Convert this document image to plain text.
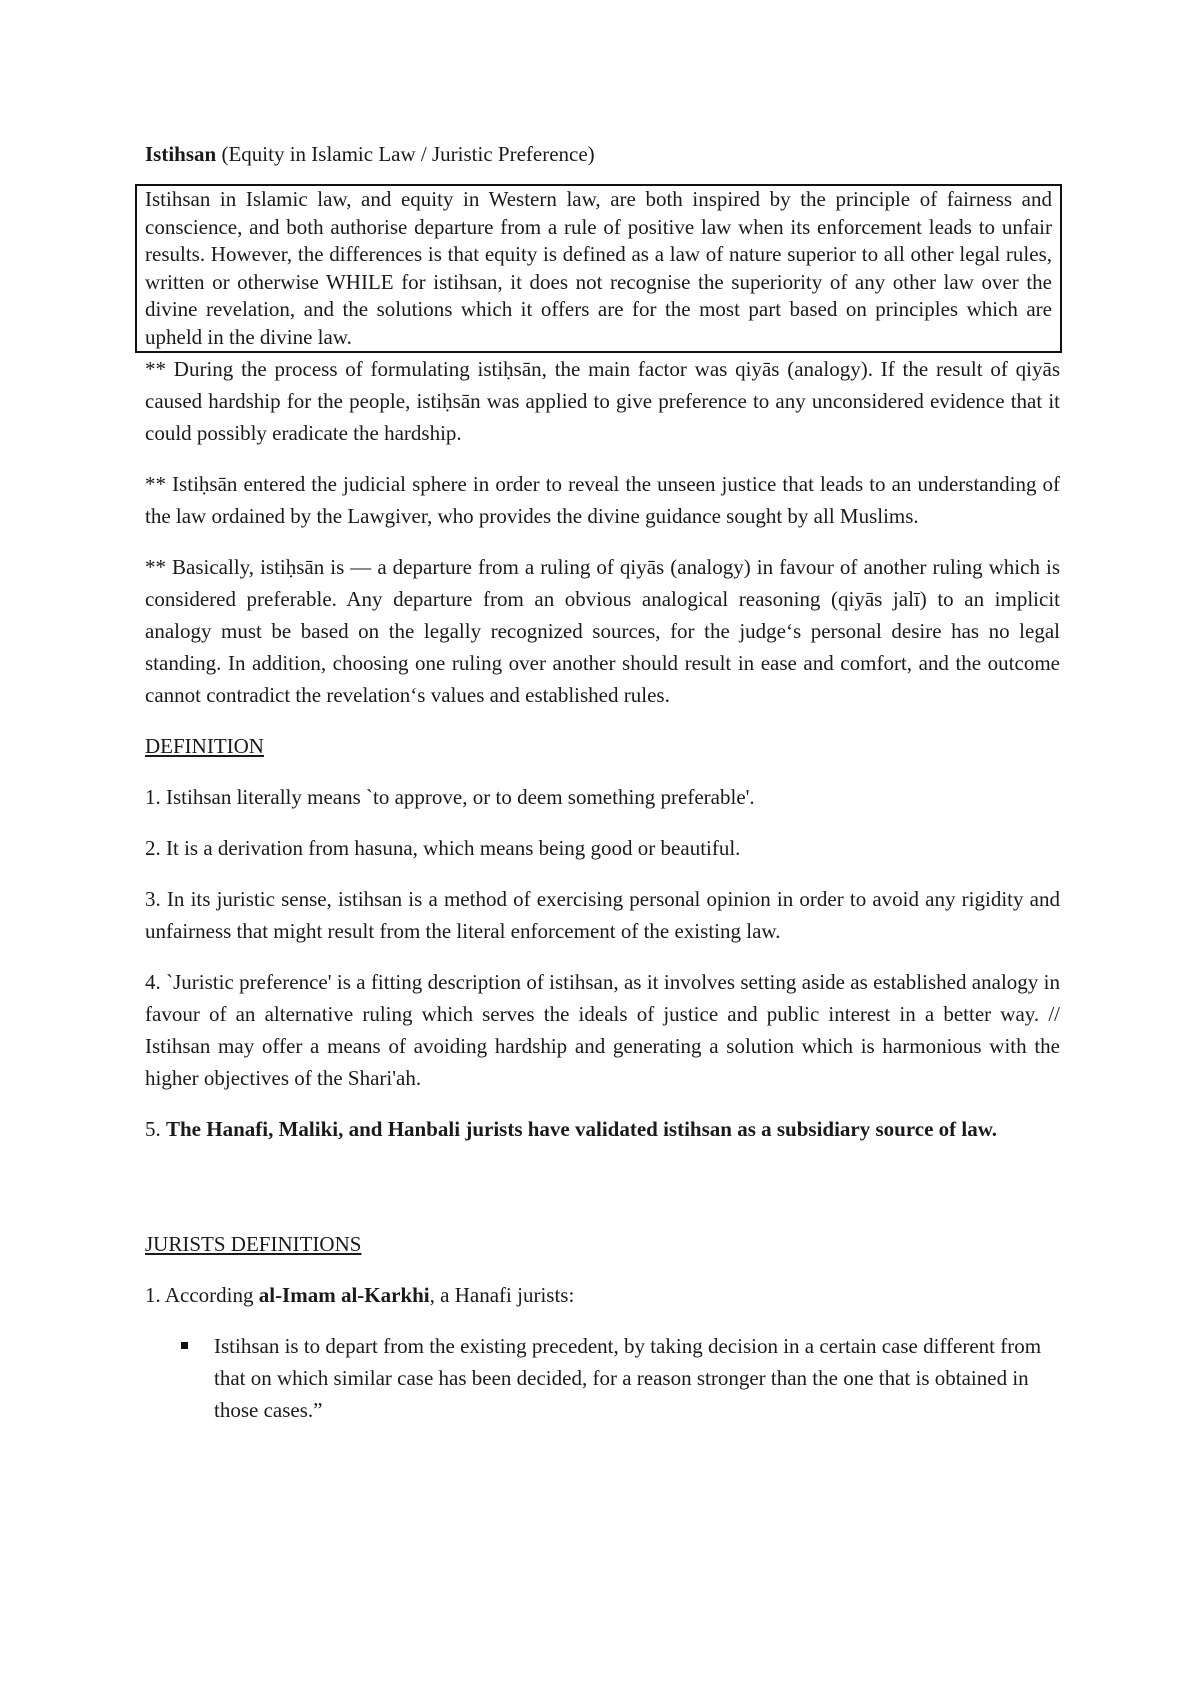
Istihsan (Equity in Islamic Law / Juristic Preference)
Istihsan in Islamic law, and equity in Western law, are both inspired by the principle of fairness and conscience, and both authorise departure from a rule of positive law when its enforcement leads to unfair results. However, the differences is that equity is defined as a law of nature superior to all other legal rules, written or otherwise WHILE for istihsan, it does not recognise the superiority of any other law over the divine revelation, and the solutions which it offers are for the most part based on principles which are upheld in the divine law.

** During the process of formulating istiḥsān, the main factor was qiyās (analogy). If the result of qiyās caused hardship for the people, istiḥsān was applied to give preference to any unconsidered evidence that it could possibly eradicate the hardship.

** Istiḥsān entered the judicial sphere in order to reveal the unseen justice that leads to an understanding of the law ordained by the Lawgiver, who provides the divine guidance sought by all Muslims.

** Basically, istiḥsān is — a departure from a ruling of qiyās (analogy) in favour of another ruling which is considered preferable. Any departure from an obvious analogical reasoning (qiyās jalī) to an implicit analogy must be based on the legally recognized sources, for the judge‘s personal desire has no legal standing. In addition, choosing one ruling over another should result in ease and comfort, and the outcome cannot contradict the revelation‘s values and established rules.

DEFINITION

1. Istihsan literally means `to approve, or to deem something preferable'.

2. It is a derivation from hasuna, which means being good or beautiful.

3. In its juristic sense, istihsan is a method of exercising personal opinion in order to avoid any rigidity and unfairness that might result from the literal enforcement of the existing law.

4. `Juristic preference' is a fitting description of istihsan, as it involves setting aside as established analogy in favour of an alternative ruling which serves the ideals of justice and public interest in a better way. // Istihsan may offer a means of avoiding hardship and generating a solution which is harmonious with the higher objectives of the Shari'ah.

5. The Hanafi, Maliki, and Hanbali jurists have validated istihsan as a subsidiary source of law.

JURISTS DEFINITIONS

1. According al-Imam al-Karkhi, a Hanafi jurists:

Istihsan is to depart from the existing precedent, by taking decision in a certain case different from that on which similar case has been decided, for a reason stronger than the one that is obtained in those cases.”
